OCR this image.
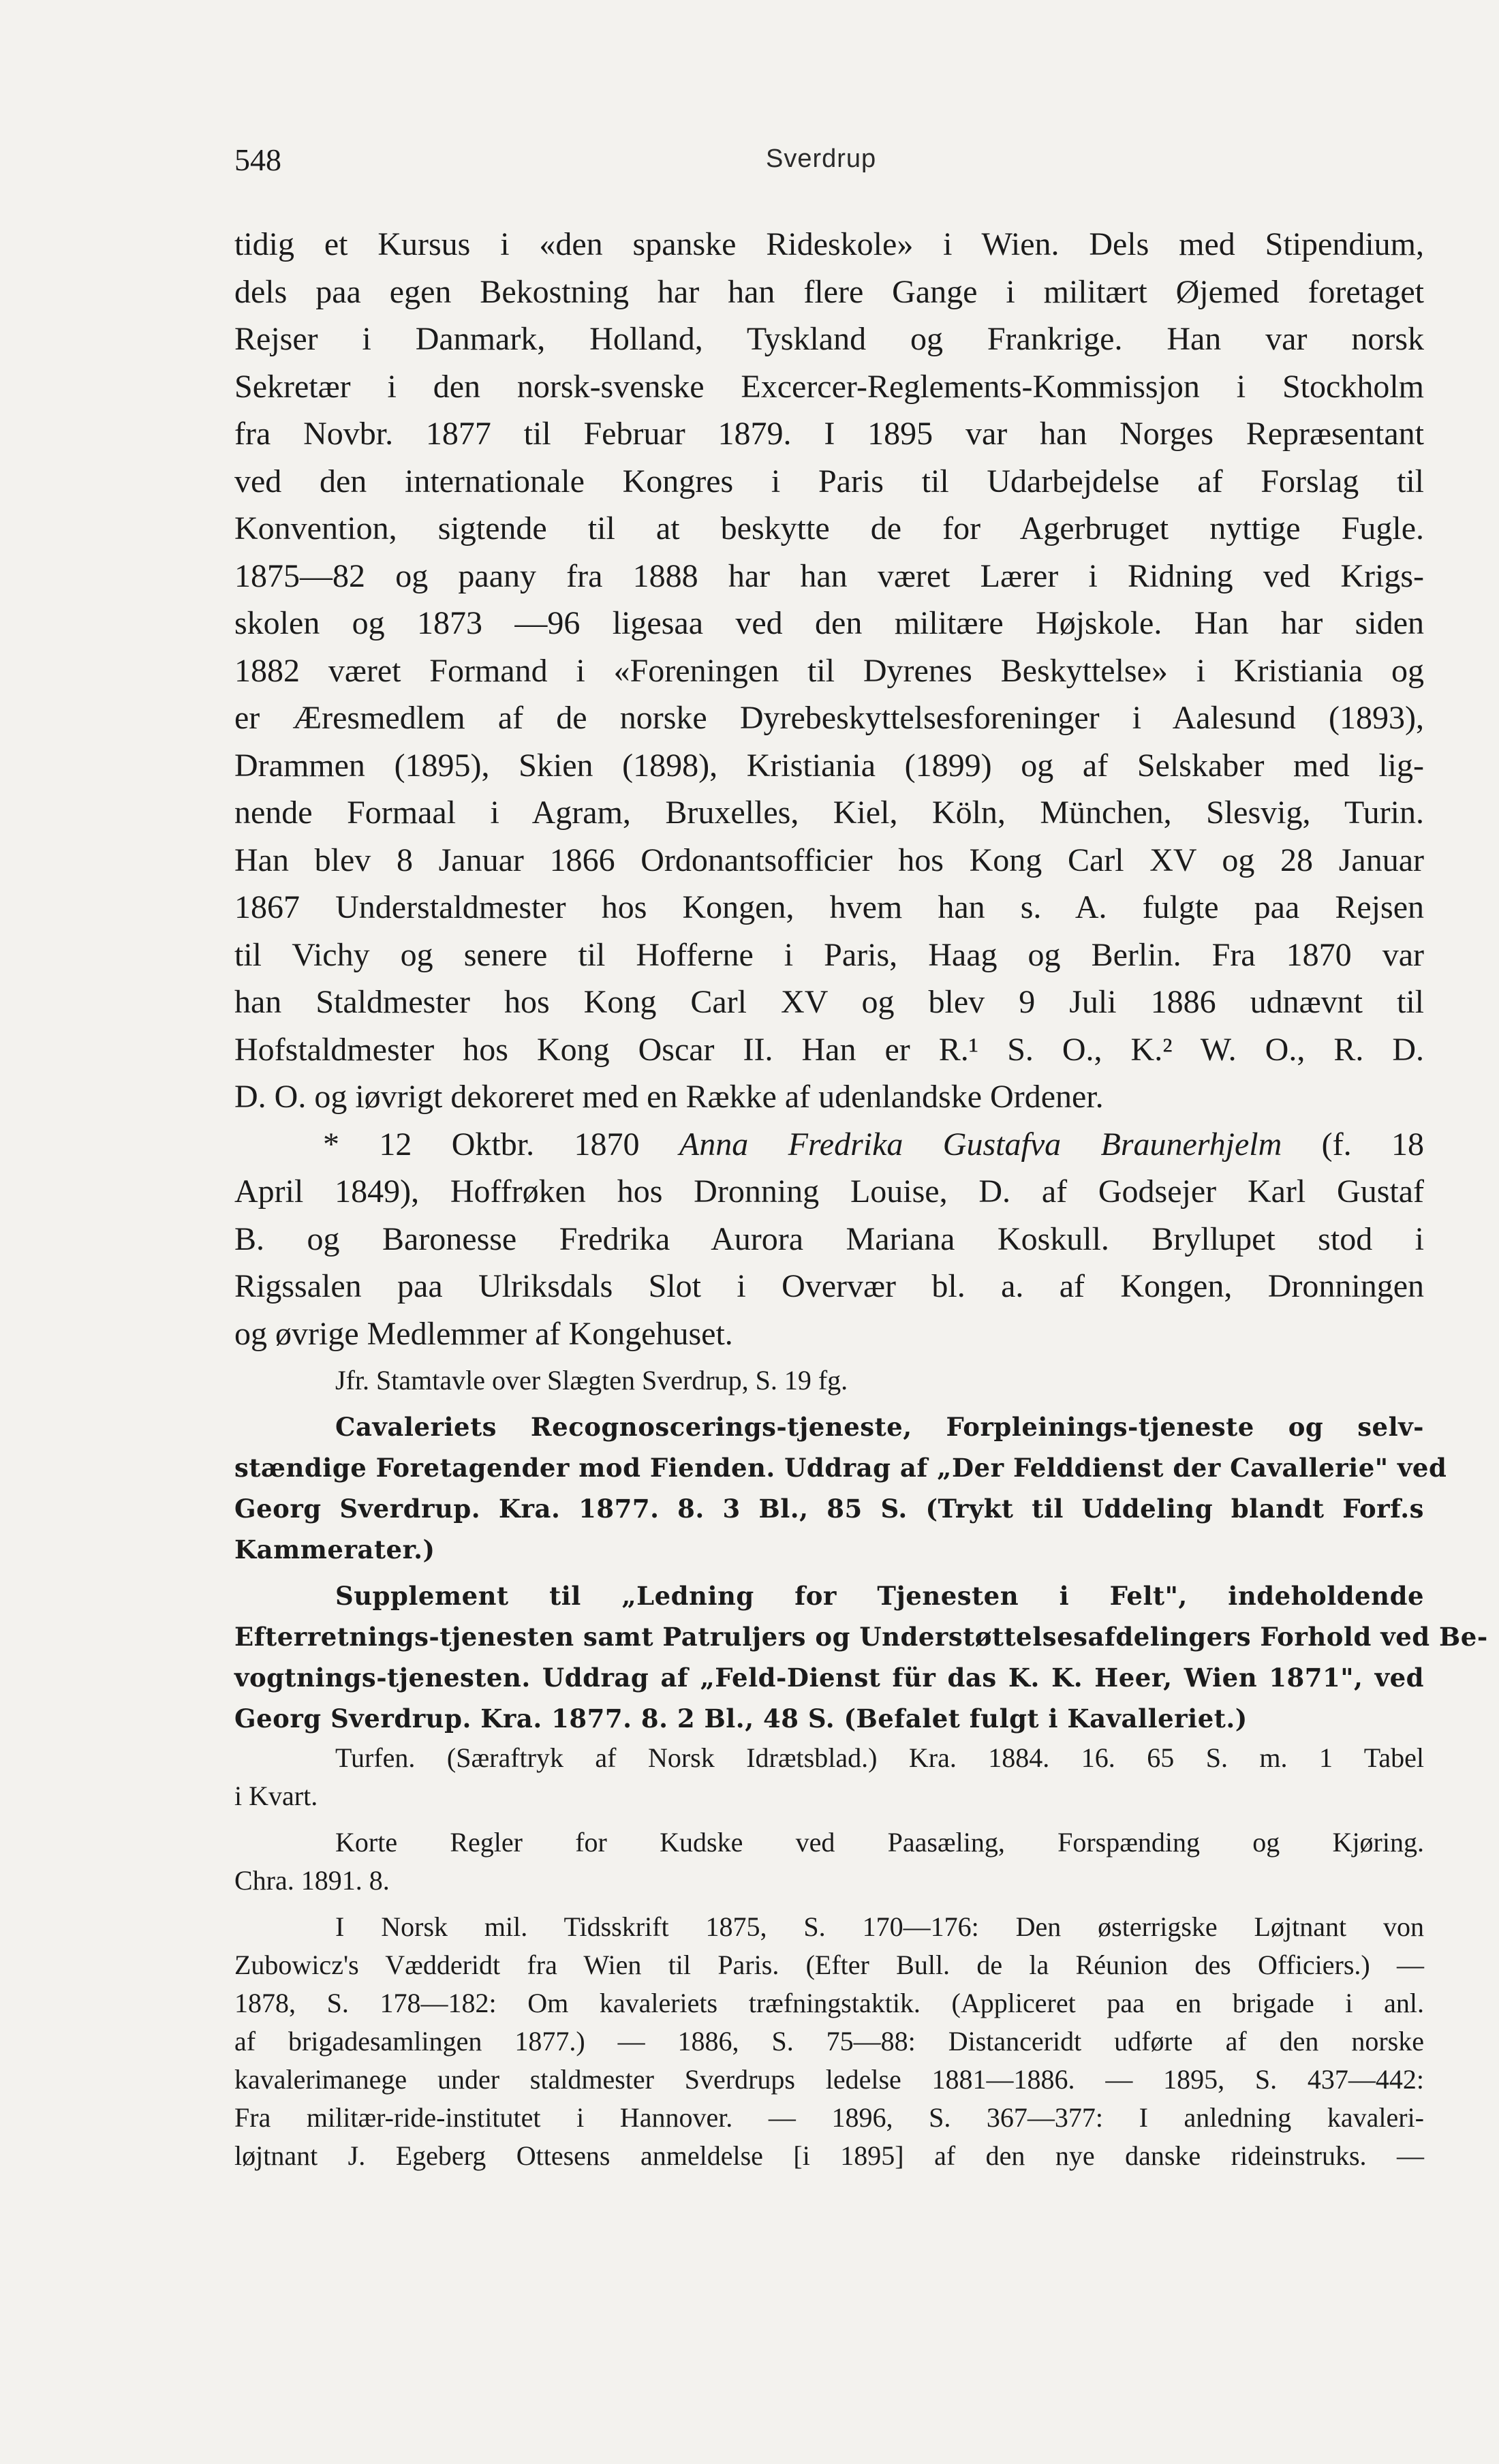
548	Sverdrup
tidig et Kursus i «den spanske Rideskole» i Wien. Dels med Stipendium,
dels paa egen Bekostning har han flere Gange i militært Øjemed foretaget
Rejser i Danmark, Holland, Tyskland og Frankrige. Han var norsk
Sekretær i den norsk-svenske Excercer-Reglements-Kommissjon i Stockholm
fra Novbr. 1877 til Februar 1879. I 1895 var han Norges Repræsentant
ved den internationale Kongres i Paris til Udarbejdelse af Forslag til
Konvention, sigtende til at beskytte de for Agerbruget nyttige Fugle.
1875—82 og paany fra 1888 har han været Lærer i Ridning ved Krigs-
skolen og 1873 —96 ligesaa ved den militære Højskole. Han har siden
1882 været Formand i «Foreningen til Dyrenes Beskyttelse» i Kristiania og
er Æresmedlem af de norske Dyrebeskyttelsesforeninger i Aalesund (1893),
Drammen (1895), Skien (1898), Kristiania (1899) og af Selskaber med lig-
nende Formaal i Agram, Bruxelles, Kiel, Köln, München, Slesvig, Turin.
Han blev 8 Januar 1866 Ordonantsofficier hos Kong Carl XV og 28 Januar
1867 Understaldmester hos Kongen, hvem han s. A. fulgte paa Rejsen
til Vichy og senere til Hofferne i Paris, Haag og Berlin. Fra 1870 var
han Staldmester hos Kong Carl XV og blev 9 Juli 1886 udnævnt til
Hofstaldmester hos Kong Oscar II. Han er R.¹ S. O., K.² W. O., R. D.
D. O. og iøvrigt dekoreret med en Række af udenlandske Ordener.
* 12 Oktbr. 1870 Anna Fredrika Gustafva Braunerhjelm (f. 18
April 1849), Hoffrøken hos Dronning Louise, D. af Godsejer Karl Gustaf
B. og Baronesse Fredrika Aurora Mariana Koskull. Bryllupet stod i
Rigssalen paa Ulriksdals Slot i Overvær bl. a. af Kongen, Dronningen
og øvrige Medlemmer af Kongehuset.
Jfr. Stamtavle over Slægten Sverdrup, S. 19 fg.
Cavaleriets Recognoscerings-tjeneste, Forpleinings-tjeneste og selv-
stændige Foretagender mod Fienden. Uddrag af „Der Felddienst der Cavallerie" ved
Georg Sverdrup. Kra. 1877. 8. 3 Bl., 85 S. (Trykt til Uddeling blandt Forf.s
Kammerater.)
Supplement til „Ledning for Tjenesten i Felt", indeholdende
Efterretnings-tjenesten samt Patruljers og Understøttelsesafdelingers Forhold ved Be-
vogtnings-tjenesten. Uddrag af „Feld-Dienst für das K. K. Heer, Wien 1871", ved
Georg Sverdrup. Kra. 1877. 8. 2 Bl., 48 S. (Befalet fulgt i Kavalleriet.)
Turfen. (Særaftryk af Norsk Idrætsblad.) Kra. 1884. 16. 65 S. m. 1 Tabel
i Kvart.
Korte Regler for Kudske ved Paasæling, Forspænding og Kjøring.
Chra. 1891. 8.
I Norsk mil. Tidsskrift 1875, S. 170—176: Den østerrigske Løjtnant von
Zubowicz's Vædderidt fra Wien til Paris. (Efter Bull. de la Réunion des Officiers.) —
1878, S. 178—182: Om kavaleriets træfningstaktik. (Appliceret paa en brigade i anl.
af brigadesamlingen 1877.) — 1886, S. 75—88: Distanceridt udførte af den norske
kavalerimanege under staldmester Sverdrups ledelse 1881—1886. — 1895, S. 437—442:
Fra militær-ride-institutet i Hannover. — 1896, S. 367—377: I anledning kavaleri-
løjtnant J. Egeberg Ottesens anmeldelse [i 1895] af den nye danske rideinstruks. —
